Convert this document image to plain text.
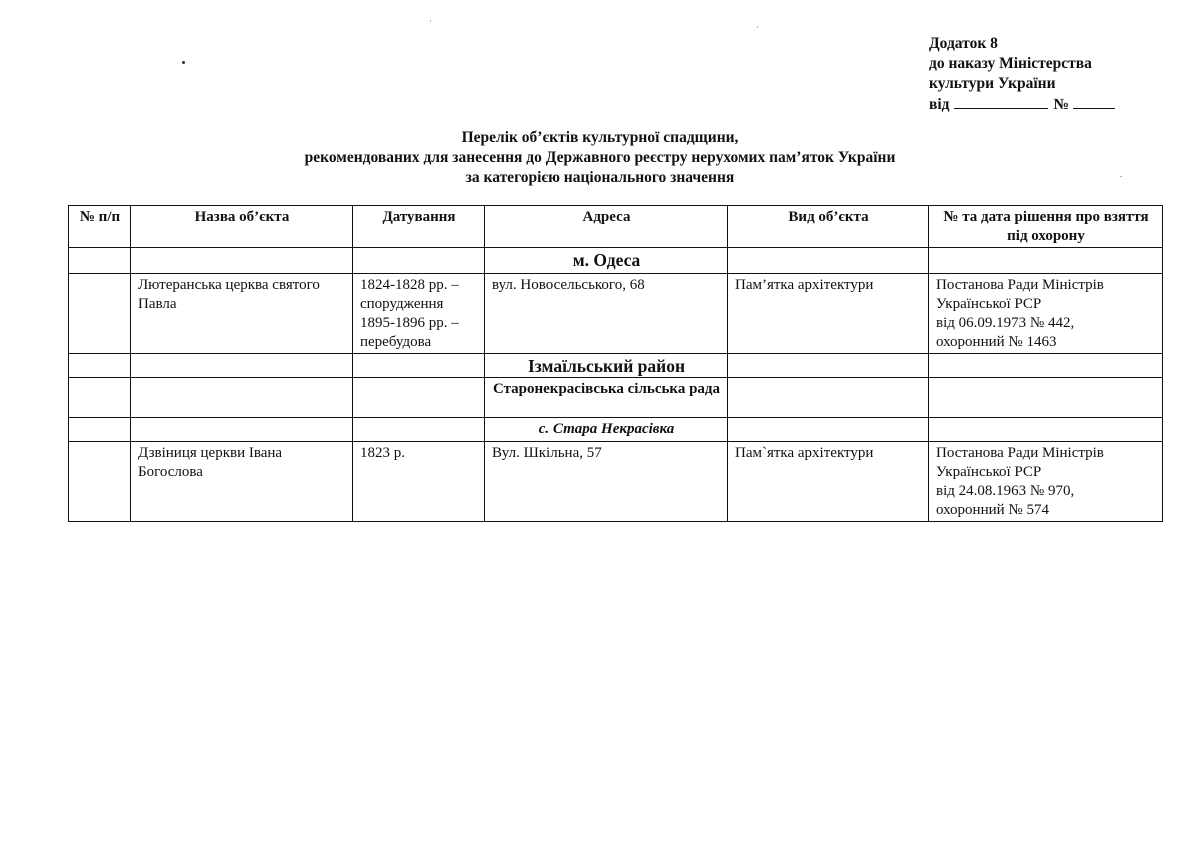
Додаток 8
до наказу Міністерства
культури України
від	№
Перелік об’єктів культурної спадщини,
рекомендованих для занесення до Державного реєстру нерухомих пам’яток України
за категорією національного значення
№ п/п	Назва об’єкта	Датування	Адреса	Вид об’єкта	№ та дата рішення про взяття під охорону
			м. Одеса		
	Лютеранська церква святого Павла	1824-1828 рр. – спорудження 1895-1896 рр. – перебудова	вул. Новосельського, 68	Пам’ятка архітектури	Постанова Ради Міністрів
Української РСР
від 06.09.1973 № 442,
охоронний № 1463

			Ізмаїльський район		
			Старонекрасівська сільська рада		
			с. Стара Некрасівка		
	Дзвіниця церкви Івана Богослова	1823 р.	Вул. Шкільна, 57	Пам`ятка архітектури	Постанова Ради Міністрів
Української РСР
від 24.08.1963 № 970,
охоронний № 574
